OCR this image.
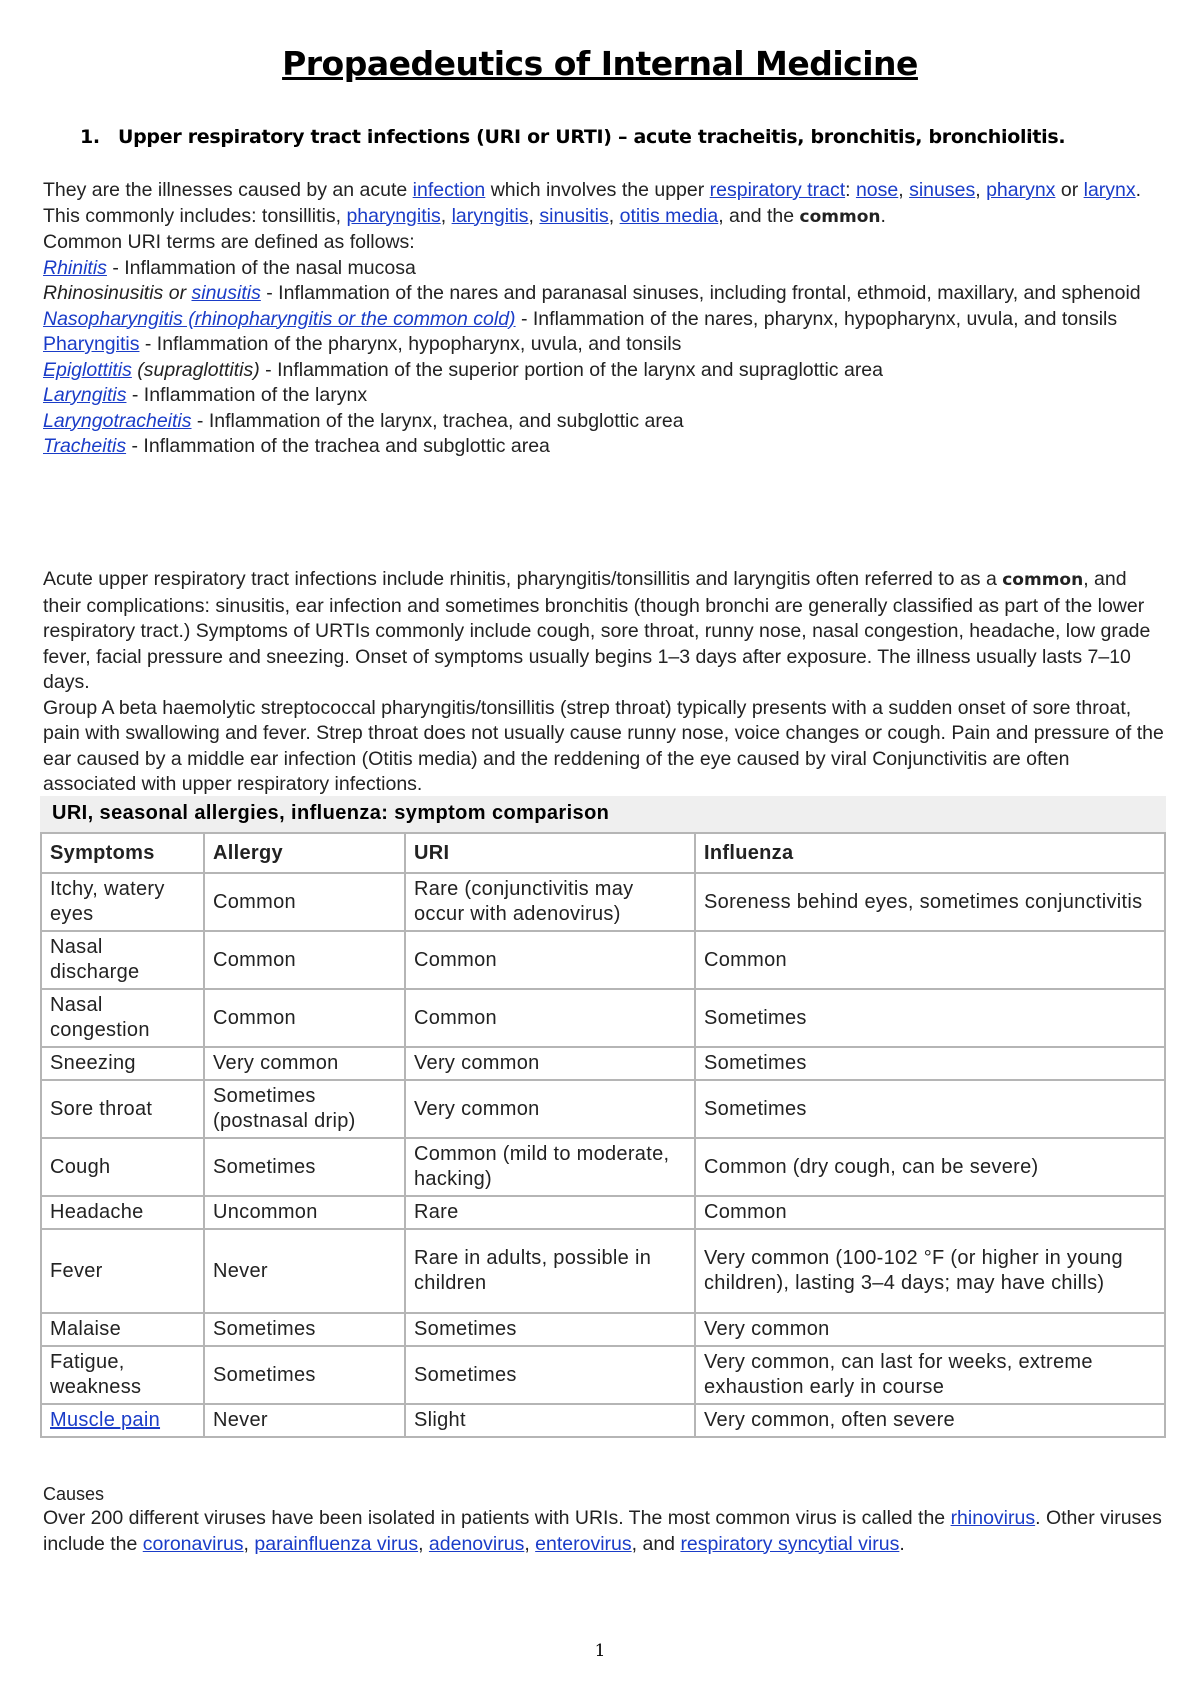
Propaedeutics of Internal Medicine
1. Upper respiratory tract infections (URI or URTI) – acute tracheitis, bronchitis, bronchiolitis.
They are the illnesses caused by an acute infection which involves the upper respiratory tract: nose, sinuses, pharynx or larynx. This commonly includes: tonsillitis, pharyngitis, laryngitis, sinusitis, otitis media, and the common.
Common URI terms are defined as follows:
Rhinitis - Inflammation of the nasal mucosa
Rhinosinusitis or sinusitis - Inflammation of the nares and paranasal sinuses, including frontal, ethmoid, maxillary, and sphenoid
Nasopharyngitis (rhinopharyngitis or the common cold) - Inflammation of the nares, pharynx, hypopharynx, uvula, and tonsils
Pharyngitis - Inflammation of the pharynx, hypopharynx, uvula, and tonsils
Epiglottitis (supraglottitis) - Inflammation of the superior portion of the larynx and supraglottic area
Laryngitis - Inflammation of the larynx
Laryngotracheitis - Inflammation of the larynx, trachea, and subglottic area
Tracheitis - Inflammation of the trachea and subglottic area
Acute upper respiratory tract infections include rhinitis, pharyngitis/tonsillitis and laryngitis often referred to as a common, and their complications: sinusitis, ear infection and sometimes bronchitis (though bronchi are generally classified as part of the lower respiratory tract.) Symptoms of URTIs commonly include cough, sore throat, runny nose, nasal congestion, headache, low grade fever, facial pressure and sneezing. Onset of symptoms usually begins 1–3 days after exposure. The illness usually lasts 7–10 days.
Group A beta haemolytic streptococcal pharyngitis/tonsillitis (strep throat) typically presents with a sudden onset of sore throat, pain with swallowing and fever. Strep throat does not usually cause runny nose, voice changes or cough. Pain and pressure of the ear caused by a middle ear infection (Otitis media) and the reddening of the eye caused by viral Conjunctivitis are often associated with upper respiratory infections.
URI, seasonal allergies, influenza: symptom comparison
Symptoms	Allergy	URI	Influenza
Itchy, watery eyes	Common	Rare (conjunctivitis may occur with adenovirus)	Soreness behind eyes, sometimes conjunctivitis
Nasal discharge	Common	Common	Common
Nasal congestion	Common	Common	Sometimes
Sneezing	Very common	Very common	Sometimes
Sore throat	Sometimes (postnasal drip)	Very common	Sometimes
Cough	Sometimes	Common (mild to moderate, hacking)	Common (dry cough, can be severe)
Headache	Uncommon	Rare	Common
Fever	Never	Rare in adults, possible in children	Very common (100-102 °F (or higher in young children), lasting 3–4 days; may have chills)
Malaise	Sometimes	Sometimes	Very common
Fatigue, weakness	Sometimes	Sometimes	Very common, can last for weeks, extreme exhaustion early in course
Muscle pain	Never	Slight	Very common, often severe
Causes
Over 200 different viruses have been isolated in patients with URIs. The most common virus is called the rhinovirus. Other viruses include the coronavirus, parainfluenza virus, adenovirus, enterovirus, and respiratory syncytial virus.
1
